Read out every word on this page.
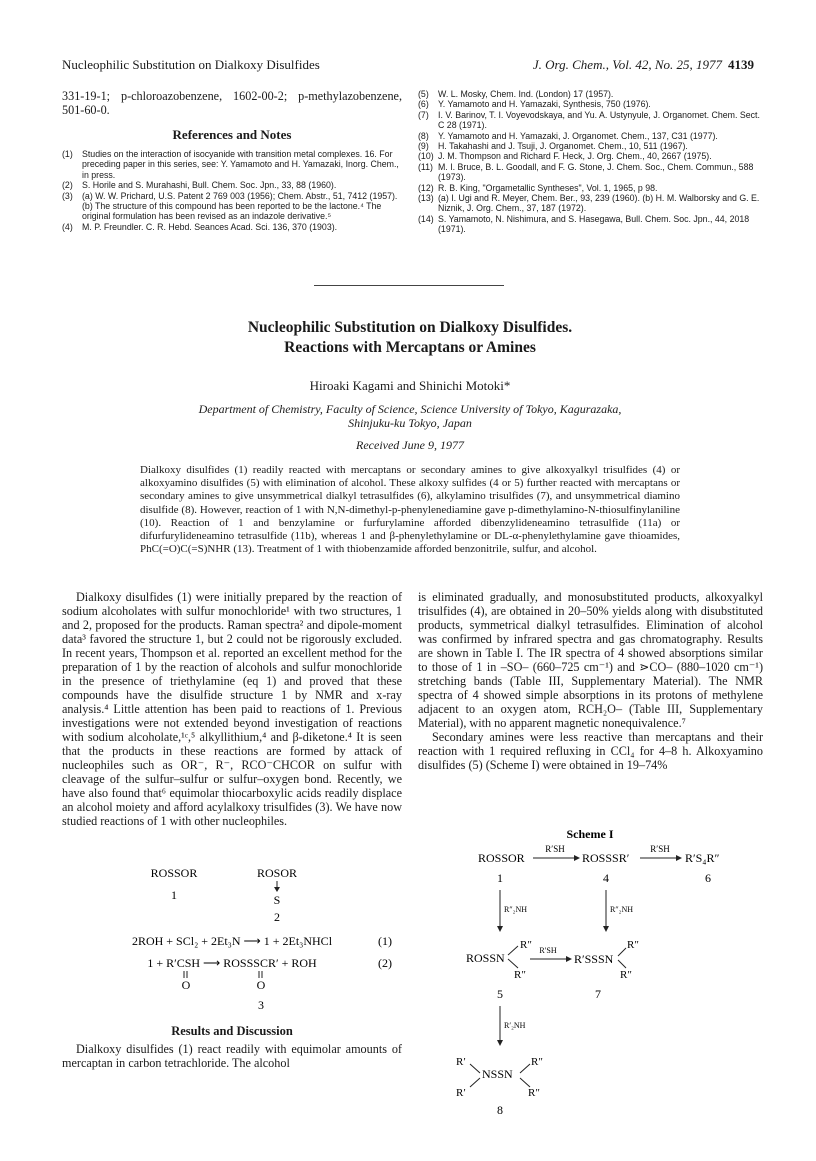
Nucleophilic Substitution on Dialkoxy Disulfides	J. Org. Chem., Vol. 42, No. 25, 1977 4139
331-19-1; p-chloroazobenzene, 1602-00-2; p-methylazobenzene, 501-60-0.
References and Notes
(1)	Studies on the interaction of isocyanide with transition metal complexes. 16. For preceding paper in this series, see: Y. Yamamoto and H. Yamazaki, Inorg. Chem., in press.
(2)	S. Horile and S. Murahashi, Bull. Chem. Soc. Jpn., 33, 88 (1960).
(3)	(a) W. W. Prichard, U.S. Patent 2 769 003 (1956); Chem. Abstr., 51, 7412 (1957). (b) The structure of this compound has been reported to be the lactone.⁴ The original formulation has been revised as an indazole derivative.⁵
(4)	M. P. Freundler. C. R. Hebd. Seances Acad. Sci. 136, 370 (1903).
(5)	W. L. Mosky, Chem. Ind. (London) 17 (1957).
(6)	Y. Yamamoto and H. Yamazaki, Synthesis, 750 (1976).
(7)	I. V. Barinov, T. I. Voyevodskaya, and Yu. A. Ustynyule, J. Organomet. Chem. Sect. C 28 (1971).
(8)	Y. Yamamoto and H. Yamazaki, J. Organomet. Chem., 137, C31 (1977).
(9)	H. Takahashi and J. Tsuji, J. Organomet. Chem., 10, 511 (1967).
(10) J. M. Thompson and Richard F. Heck, J. Org. Chem., 40, 2667 (1975).
(11) M. I. Bruce, B. L. Goodall, and F. G. Stone, J. Chem. Soc., Chem. Commun., 588 (1973).
(12) R. B. King, "Orgametallic Syntheses", Vol. 1, 1965, p 98.
(13) (a) I. Ugi and R. Meyer, Chem. Ber., 93, 239 (1960). (b) H. M. Walborsky and G. E. Niznik, J. Org. Chem., 37, 187 (1972).
(14) S. Yamamoto, N. Nishimura, and S. Hasegawa, Bull. Chem. Soc. Jpn., 44, 2018 (1971).
Nucleophilic Substitution on Dialkoxy Disulfides.
Reactions with Mercaptans or Amines
Hiroaki Kagami and Shinichi Motoki*
Department of Chemistry, Faculty of Science, Science University of Tokyo, Kagurazaka,
Shinjuku-ku Tokyo, Japan
Received June 9, 1977
Dialkoxy disulfides (1) readily reacted with mercaptans or secondary amines to give alkoxyalkyl trisulfides (4) or alkoxyamino disulfides (5) with elimination of alcohol. These alkoxy sulfides (4 or 5) further reacted with mercaptans or secondary amines to give unsymmetrical dialkyl tetrasulfides (6), alkylamino trisulfides (7), and unsymmetrical diamino disulfide (8). However, reaction of 1 with N,N-dimethyl-p-phenylenediamine gave p-dimethylamino-N-thiosulfinylaniline (10). Reaction of 1 and benzylamine or furfurylamine afforded dibenzylideneamino tetrasulfide (11a) or difurfurylideneamino tetrasulfide (11b), whereas 1 and β-phenylethylamine or DL-α-phenylethylamine gave thioamides, PhC(=O)C(=S)NHR (13). Treatment of 1 with thiobenzamide afforded benzonitrile, sulfur, and alcohol.

Dialkoxy disulfides (1) were initially prepared by the reaction of sodium alcoholates with sulfur monochloride¹ with two structures, 1 and 2, proposed for the products. Raman spectra² and dipole-moment data³ favored the structure 1, but 2 could not be rigorously excluded. In recent years, Thompson et al. reported an excellent method for the preparation of 1 by the reaction of alcohols and sulfur monochloride in the presence of triethylamine (eq 1) and proved that these compounds have the disulfide structure 1 by NMR and x-ray analysis.⁴ Little attention has been paid to reactions of 1. Previous investigations were not extended beyond investigation of reactions with sodium alcoholate,¹ᶜ,⁵ alkyllithium,⁴ and β-diketone.⁴ It is seen that the products in these reactions are formed by attack of nucleophiles such as OR⁻, R⁻, RCO⁻CHCOR on sulfur with cleavage of the sulfur–sulfur or sulfur–oxygen bond. Recently, we have also found that⁶ equimolar thiocarboxylic acids readily displace an alcohol moiety and afford acylalkoxy trisulfides (3). We have now studied reactions of 1 with other nucleophiles.

ROSSOR
1
ROSOR
S
2
2ROH + SCl₂ + 2Et₃N ⟶ 1 + 2Et₃NHCl	(1)
1 + R′CSH ⟶ ROSSSCR′ + ROH	(2)
O	O
3
Results and Discussion

Dialkoxy disulfides (1) react readily with equimolar amounts of mercaptan in carbon tetrachloride. The alcohol

is eliminated gradually, and monosubstituted products, alkoxyalkyl trisulfides (4), are obtained in 20–50% yields along with disubstituted products, symmetrical dialkyl tetrasulfides. Elimination of alcohol was confirmed by infrared spectra and gas chromatography. Results are shown in Table I. The IR spectra of 4 showed absorptions similar to those of 1 in –SO– (660–725 cm⁻¹) and ⋗CO– (880–1020 cm⁻¹) stretching bands (Table III, Supplementary Material). The NMR spectra of 4 showed simple absorptions in its protons of methylene adjacent to an oxygen atom, RCH₂O– (Table III, Supplementary Material), with no apparent magnetic nonequivalence.⁷

Secondary amines were less reactive than mercaptans and their reaction with 1 required refluxing in CCl₄ for 4–8 h. Alkoxyamino disulfides (5) (Scheme I) were obtained in 19–74%

Scheme I
ROSSOR
R′SH
ROSSSR′
R′SH
R′S₄R″
1	4	6
R″₂NH	R″₂NH
ROSSN
R″
R″
R′SH
R′SSSN
R″
R″
5	7
R′₂NH
NSSN
R′	R″
R′	R″
8
